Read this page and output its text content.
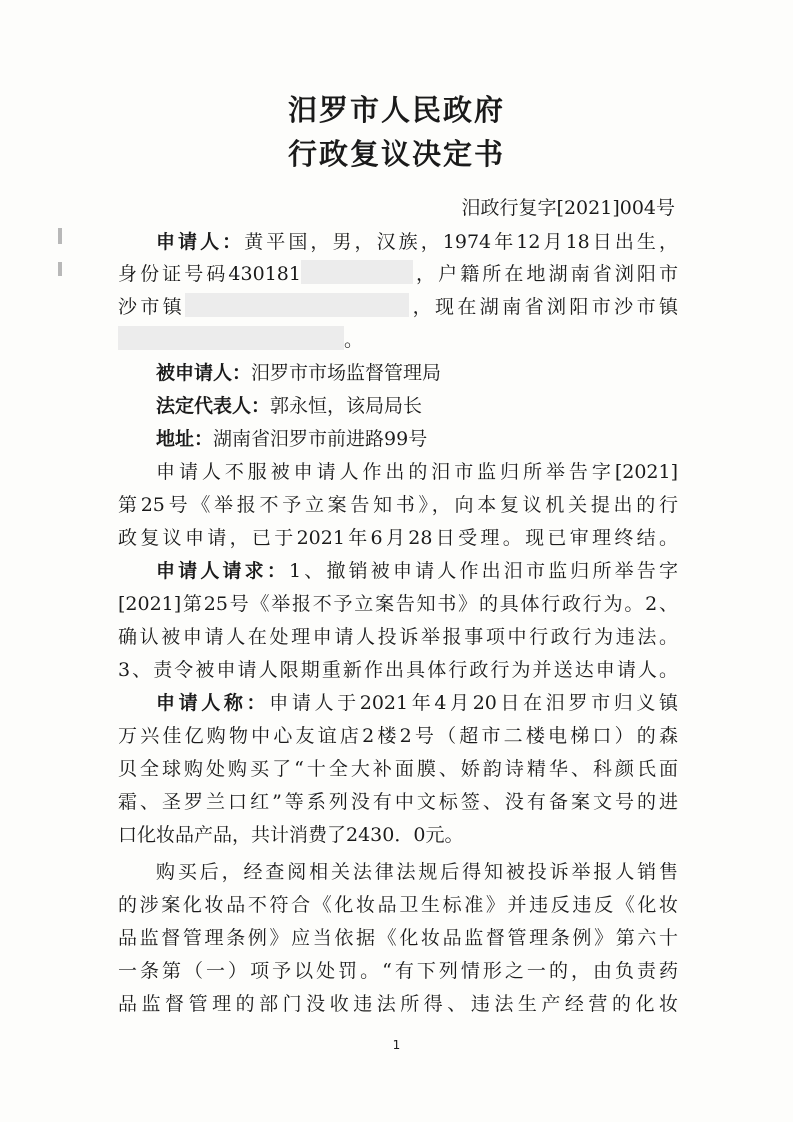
汨罗市人民政府
行政复议决定书
汨政行复字[2021]004号
申请人：黄平国，男，汉族，1974年12月18日出生，
身份证号码430181	，户籍所在地湖南省浏阳市
沙市镇	，现在湖南省浏阳市沙市镇
。
被申请人：汨罗市市场监督管理局
法定代表人：郭永恒，该局局长
地址：湖南省汨罗市前进路99号
申请人不服被申请人作出的汨市监归所举告字[2021]
第25号《举报不予立案告知书》，向本复议机关提出的行
政复议申请，已于2021年6月28日受理。现已审理终结。
申请人请求：1、撤销被申请人作出汨市监归所举告字
[2021]第25号《举报不予立案告知书》的具体行政行为。2、
确认被申请人在处理申请人投诉举报事项中行政行为违法。
3、责令被申请人限期重新作出具体行政行为并送达申请人。
申请人称：申请人于2021年4月20日在汨罗市归义镇
万兴佳亿购物中心友谊店2楼2号（超市二楼电梯口）的森
贝全球购处购买了“十全大补面膜、娇韵诗精华、科颜氏面
霜、圣罗兰口红”等系列没有中文标签、没有备案文号的进
口化妆品产品，共计消费了2430．0元。
购买后，经查阅相关法律法规后得知被投诉举报人销售
的涉案化妆品不符合《化妆品卫生标准》并违反违反《化妆
品监督管理条例》应当依据《化妆品监督管理条例》第六十
一条第（一）项予以处罚。“有下列情形之一的，由负责药
品监督管理的部门没收违法所得、违法生产经营的化妆
1
